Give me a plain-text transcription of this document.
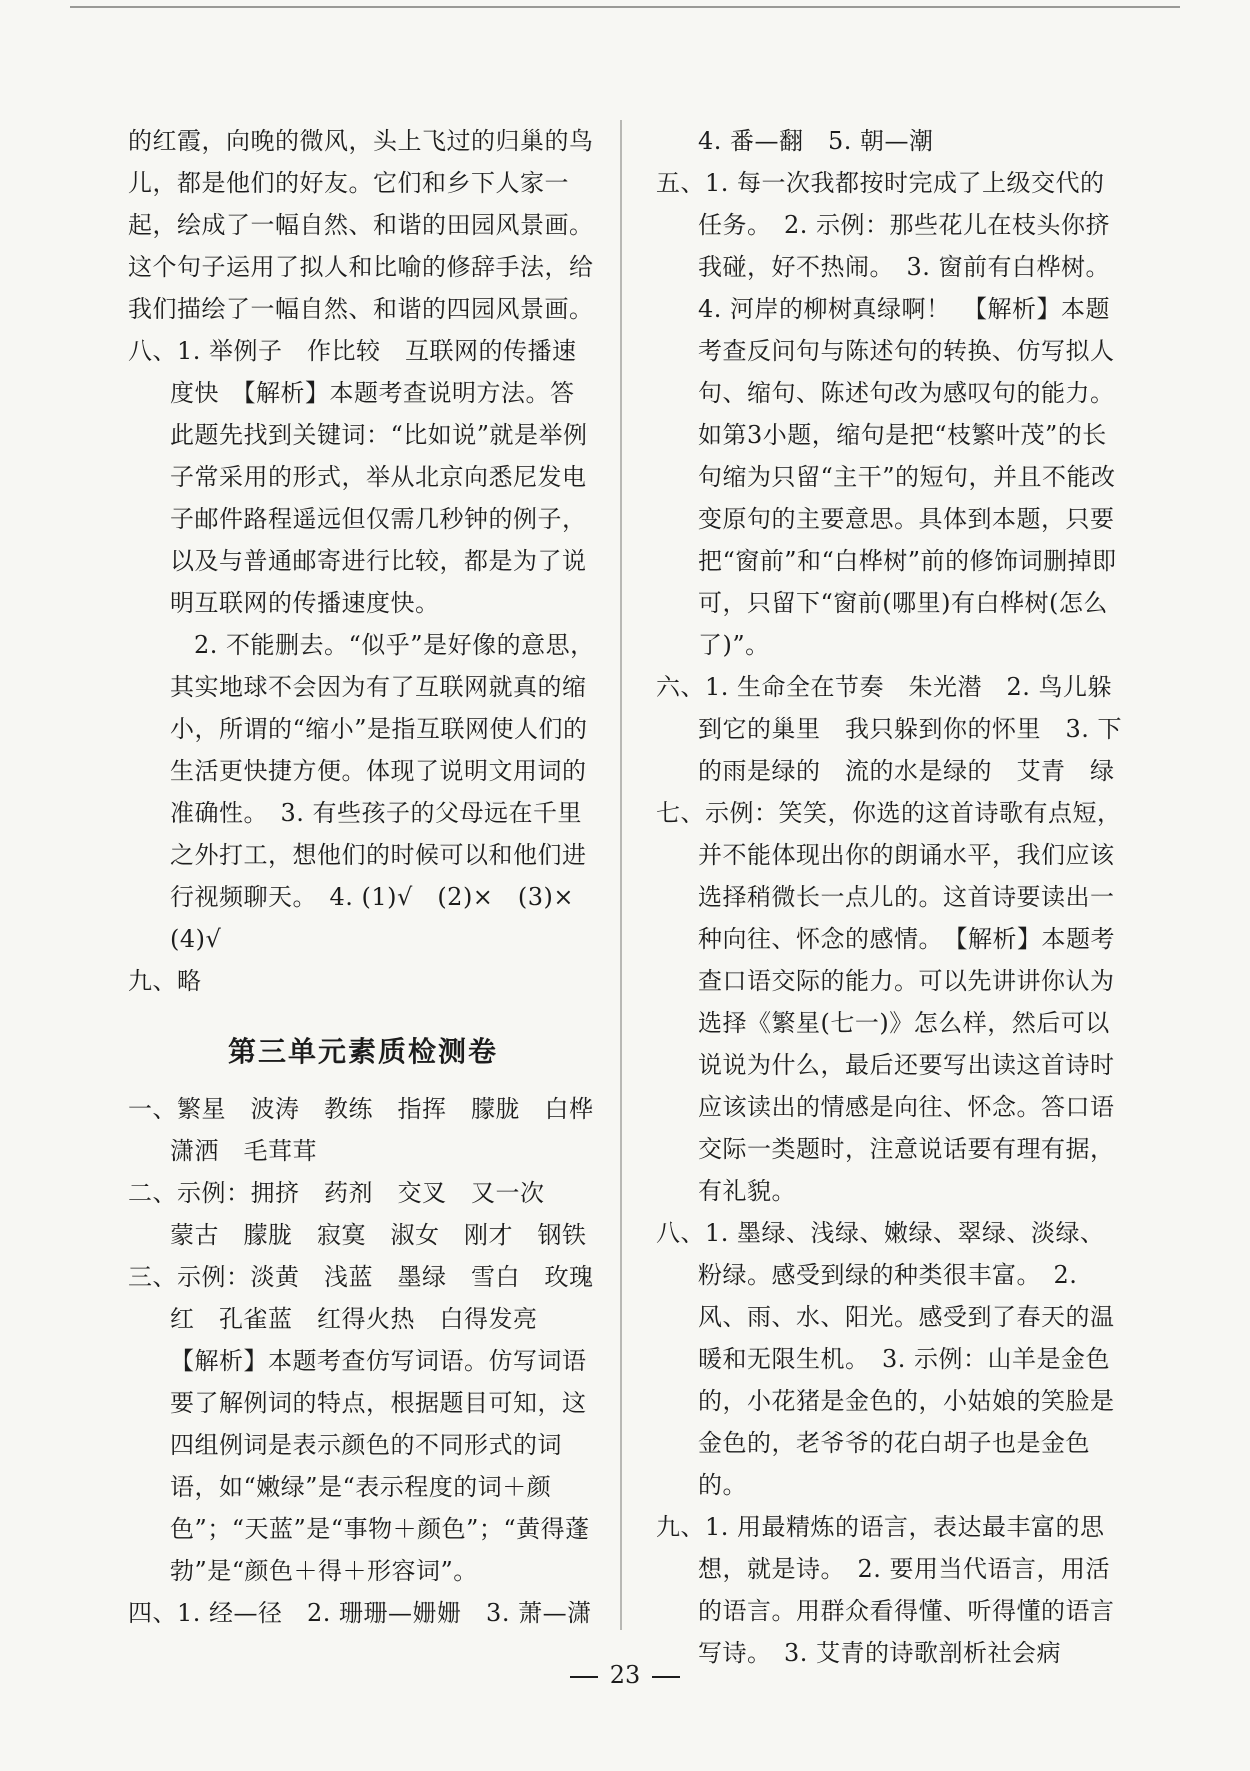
的红霞，向晚的微风，头上飞过的归巢的鸟儿，都是他们的好友。它们和乡下人家一起，绘成了一幅自然、和谐的田园风景画。　这个句子运用了拟人和比喻的修辞手法，给我们描绘了一幅自然、和谐的四园风景画。

八、1. 举例子　作比较　互联网的传播速度快　【解析】本题考查说明方法。答此题先找到关键词：“比如说”就是举例子常采用的形式，举从北京向悉尼发电子邮件路程遥远但仅需几秒钟的例子，以及与普通邮寄进行比较，都是为了说明互联网的传播速度快。

2. 不能删去。“似乎”是好像的意思，其实地球不会因为有了互联网就真的缩小，所谓的“缩小”是指互联网使人们的生活更快捷方便。体现了说明文用词的准确性。　3. 有些孩子的父母远在千里之外打工，想他们的时候可以和他们进行视频聊天。　4. (1)√　(2)×　(3)×　(4)√

九、略

第三单元素质检测卷

一、繁星　波涛　教练　指挥　朦胧　白桦　潇洒　毛茸茸

二、示例：拥挤　药剂　交叉　又一次

蒙古　朦胧　寂寞　淑女　刚才　钢铁

三、示例：淡黄　浅蓝　墨绿　雪白　玫瑰红　孔雀蓝　红得火热　白得发亮

【解析】本题考查仿写词语。仿写词语要了解例词的特点，根据题目可知，这四组例词是表示颜色的不同形式的词语，如“嫩绿”是“表示程度的词＋颜色”；“天蓝”是“事物＋颜色”；“黄得蓬勃”是“颜色＋得＋形容词”。

四、1. 经—径　2. 珊珊—姗姗　3. 萧—潇

4. 番—翻　5. 朝—潮

五、1. 每一次我都按时完成了上级交代的任务。　2. 示例：那些花儿在枝头你挤我碰，好不热闹。　3. 窗前有白桦树。　4. 河岸的柳树真绿啊！　【解析】本题考查反问句与陈述句的转换、仿写拟人句、缩句、陈述句改为感叹句的能力。如第3小题，缩句是把“枝繁叶茂”的长句缩为只留“主干”的短句，并且不能改变原句的主要意思。具体到本题，只要把“窗前”和“白桦树”前的修饰词删掉即可，只留下“窗前(哪里)有白桦树(怎么了)”。

六、1. 生命全在节奏　朱光潜　2. 鸟儿躲到它的巢里　我只躲到你的怀里　3. 下的雨是绿的　流的水是绿的　艾青　绿

七、示例：笑笑，你选的这首诗歌有点短，并不能体现出你的朗诵水平，我们应该选择稍微长一点儿的。这首诗要读出一种向往、怀念的感情。　【解析】本题考查口语交际的能力。可以先讲讲你认为选择《繁星(七一)》怎么样，然后可以说说为什么，最后还要写出读这首诗时应该读出的情感是向往、怀念。答口语交际一类题时，注意说话要有理有据，有礼貌。

八、1. 墨绿、浅绿、嫩绿、翠绿、淡绿、粉绿。感受到绿的种类很丰富。　2. 风、雨、水、阳光。感受到了春天的温暖和无限生机。　3. 示例：山羊是金色的，小花猪是金色的，小姑娘的笑脸是金色的，老爷爷的花白胡子也是金色的。

九、1. 用最精炼的语言，表达最丰富的思想，就是诗。　2. 要用当代语言，用活的语言。用群众看得懂、听得懂的语言写诗。　3. 艾青的诗歌剖析社会病

23
